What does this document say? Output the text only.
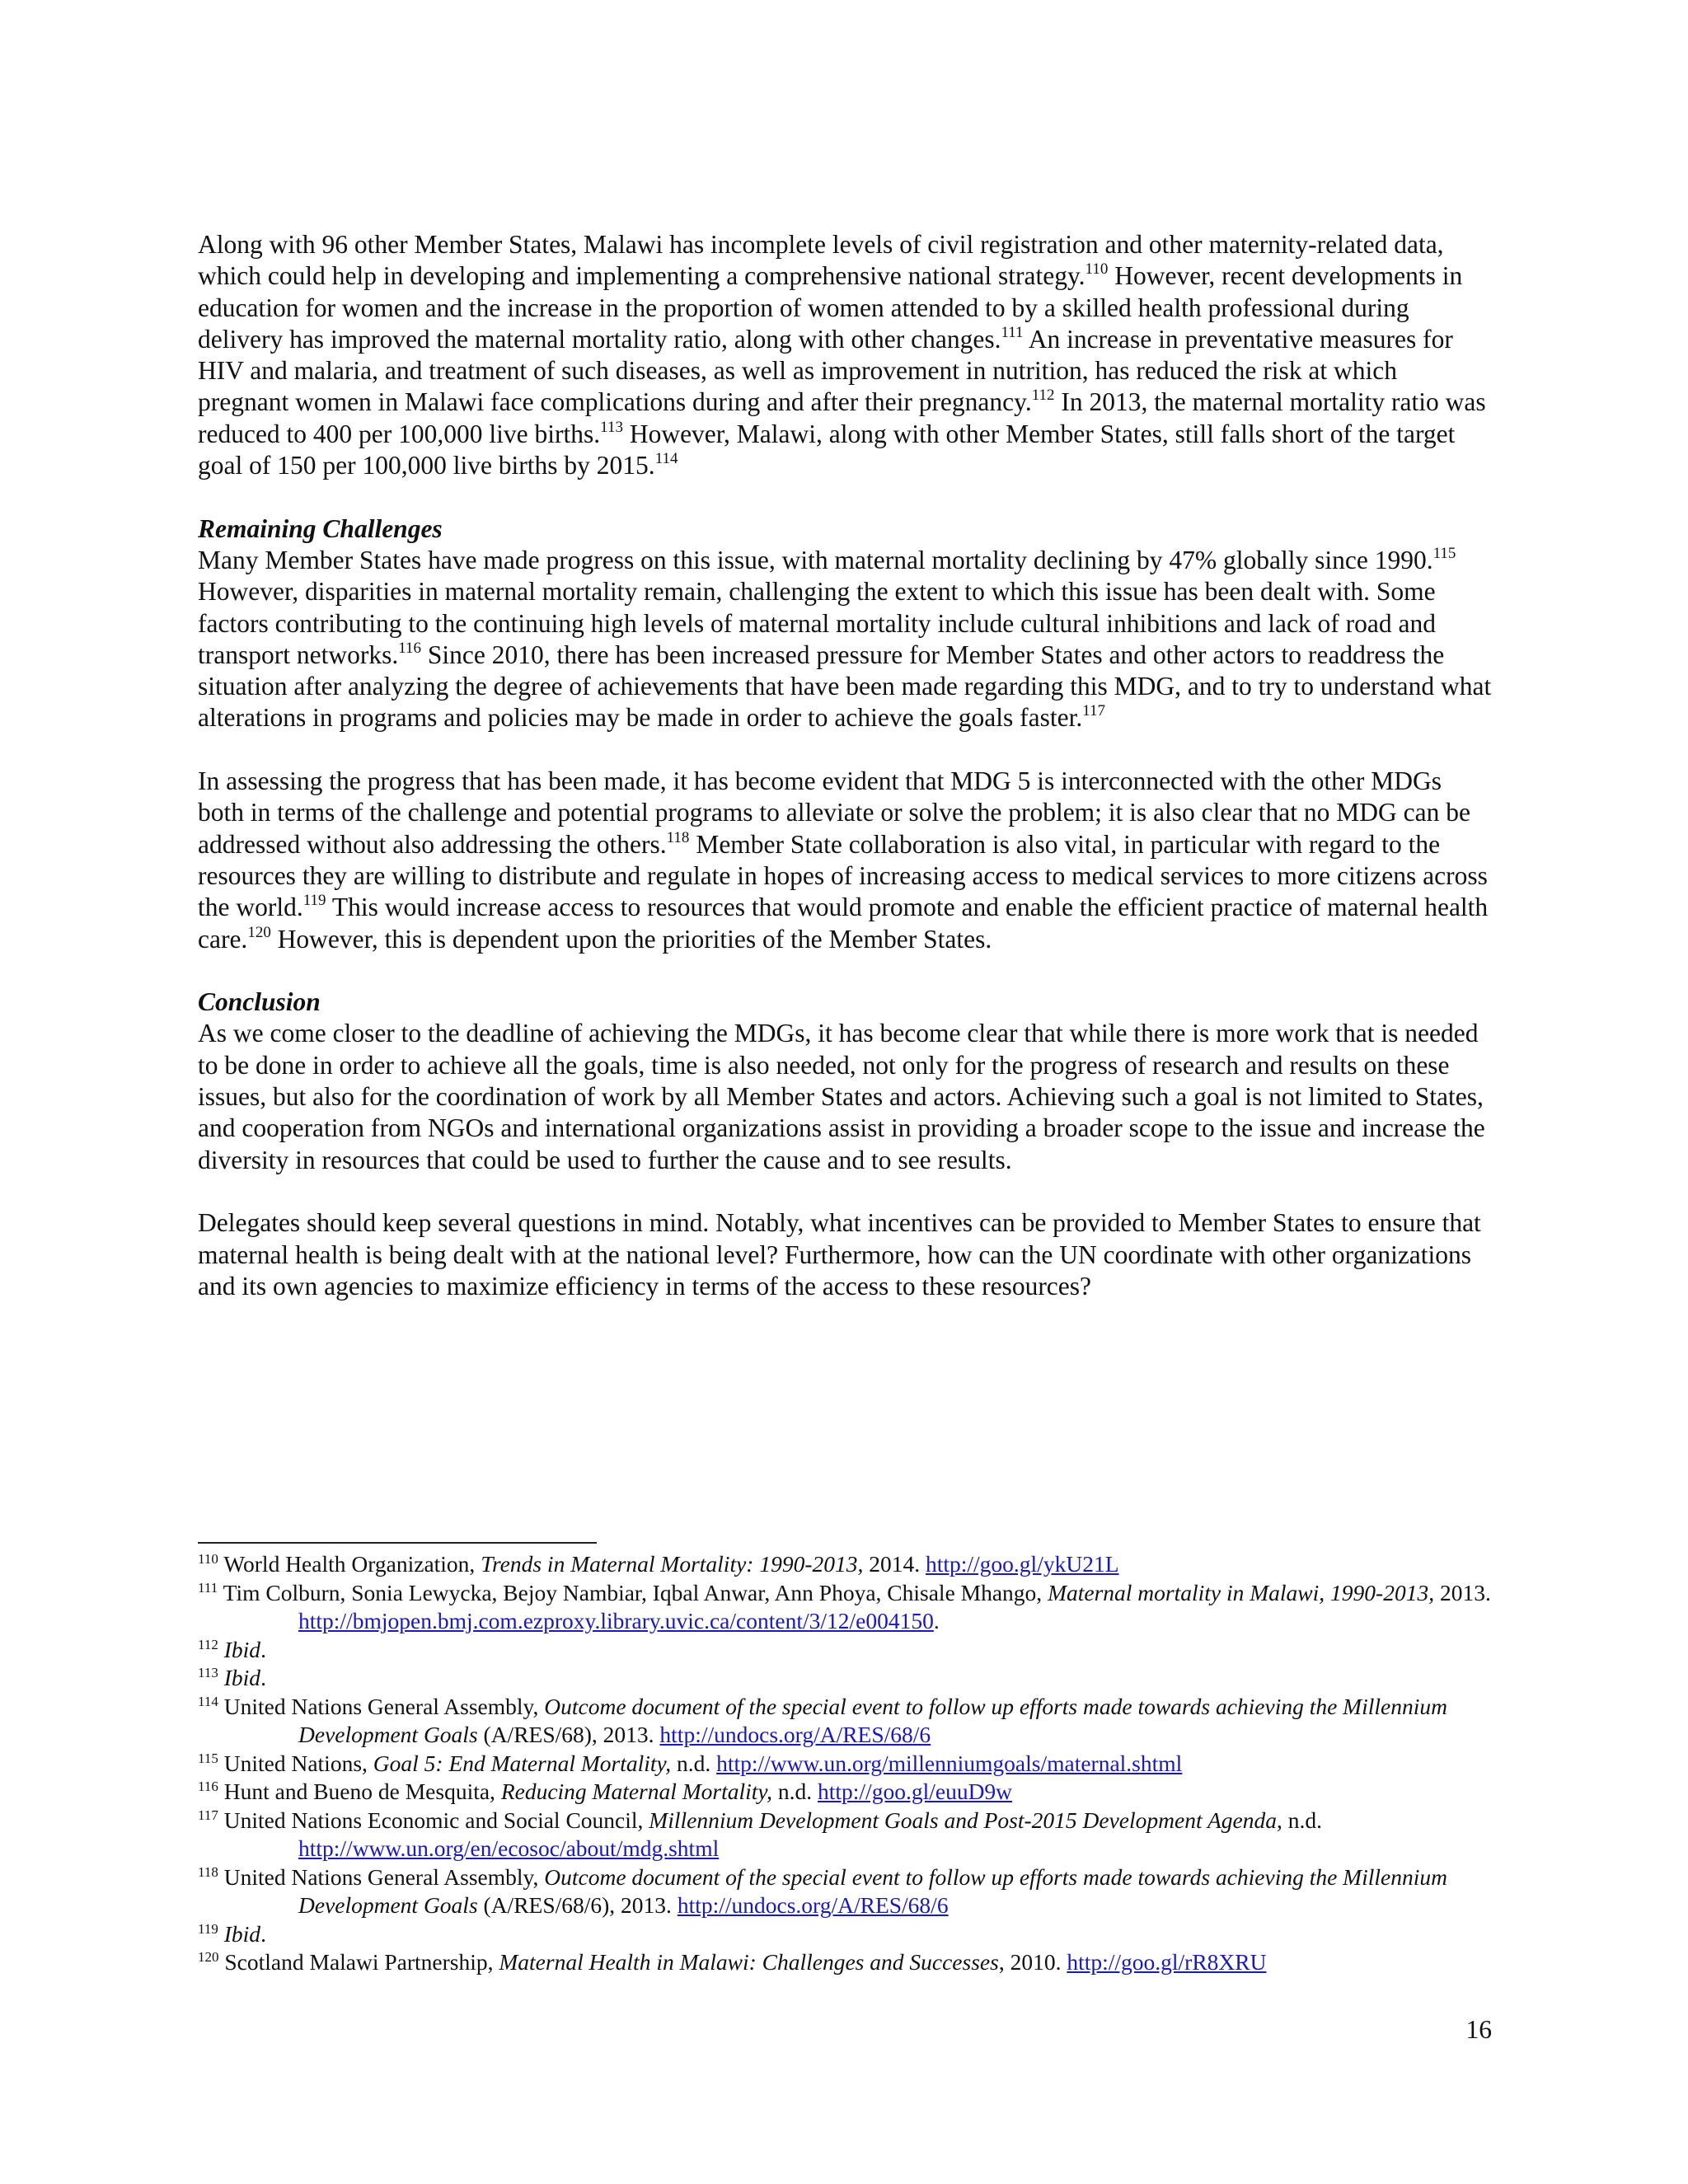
Along with 96 other Member States, Malawi has incomplete levels of civil registration and other maternity-related data, which could help in developing and implementing a comprehensive national strategy.$^{110}$ However, recent developments in education for women and the increase in the proportion of women attended to by a skilled health professional during delivery has improved the maternal mortality ratio, along with other changes.$^{111}$ An increase in preventative measures for HIV and malaria, and treatment of such diseases, as well as improvement in nutrition, has reduced the risk at which pregnant women in Malawi face complications during and after their pregnancy.$^{112}$ In 2013, the maternal mortality ratio was reduced to 400 per 100,000 live births.$^{113}$ However, Malawi, along with other Member States, still falls short of the target goal of 150 per 100,000 live births by 2015.$^{114}$

Remaining Challenges

Many Member States have made progress on this issue, with maternal mortality declining by 47% globally since 1990.$^{115}$ However, disparities in maternal mortality remain, challenging the extent to which this issue has been dealt with. Some factors contributing to the continuing high levels of maternal mortality include cultural inhibitions and lack of road and transport networks.$^{116}$ Since 2010, there has been increased pressure for Member States and other actors to readdress the situation after analyzing the degree of achievements that have been made regarding this MDG, and to try to understand what alterations in programs and policies may be made in order to achieve the goals faster.$^{117}$

In assessing the progress that has been made, it has become evident that MDG 5 is interconnected with the other MDGs both in terms of the challenge and potential programs to alleviate or solve the problem; it is also clear that no MDG can be addressed without also addressing the others.$^{118}$ Member State collaboration is also vital, in particular with regard to the resources they are willing to distribute and regulate in hopes of increasing access to medical services to more citizens across the world.$^{119}$ This would increase access to resources that would promote and enable the efficient practice of maternal health care.$^{120}$ However, this is dependent upon the priorities of the Member States.

Conclusion

As we come closer to the deadline of achieving the MDGs, it has become clear that while there is more work that is needed to be done in order to achieve all the goals, time is also needed, not only for the progress of research and results on these issues, but also for the coordination of work by all Member States and actors. Achieving such a goal is not limited to States, and cooperation from NGOs and international organizations assist in providing a broader scope to the issue and increase the diversity in resources that could be used to further the cause and to see results.

Delegates should keep several questions in mind. Notably, what incentives can be provided to Member States to ensure that maternal health is being dealt with at the national level? Furthermore, how can the UN coordinate with other organizations and its own agencies to maximize efficiency in terms of the access to these resources?

$^{110}$ World Health Organization, Trends in Maternal Mortality: 1990-2013, 2014. http://goo.gl/ykU21L

$^{111}$ Tim Colburn, Sonia Lewycka, Bejoy Nambiar, Iqbal Anwar, Ann Phoya, Chisale Mhango, Maternal mortality in Malawi, 1990-2013, 2013. http://bmjopen.bmj.com.ezproxy.library.uvic.ca/content/3/12/e004150.

$^{112}$ Ibid.

$^{113}$ Ibid.

$^{114}$ United Nations General Assembly, Outcome document of the special event to follow up efforts made towards achieving the Millennium Development Goals (A/RES/68), 2013. http://undocs.org/A/RES/68/6

$^{115}$ United Nations, Goal 5: End Maternal Mortality, n.d. http://www.un.org/millenniumgoals/maternal.shtml

$^{116}$ Hunt and Bueno de Mesquita, Reducing Maternal Mortality, n.d. http://goo.gl/euuD9w

$^{117}$ United Nations Economic and Social Council, Millennium Development Goals and Post-2015 Development Agenda, n.d. http://www.un.org/en/ecosoc/about/mdg.shtml

$^{118}$ United Nations General Assembly, Outcome document of the special event to follow up efforts made towards achieving the Millennium Development Goals (A/RES/68/6), 2013. http://undocs.org/A/RES/68/6

$^{119}$ Ibid.

$^{120}$ Scotland Malawi Partnership, Maternal Health in Malawi: Challenges and Successes, 2010. http://goo.gl/rR8XRU

16
